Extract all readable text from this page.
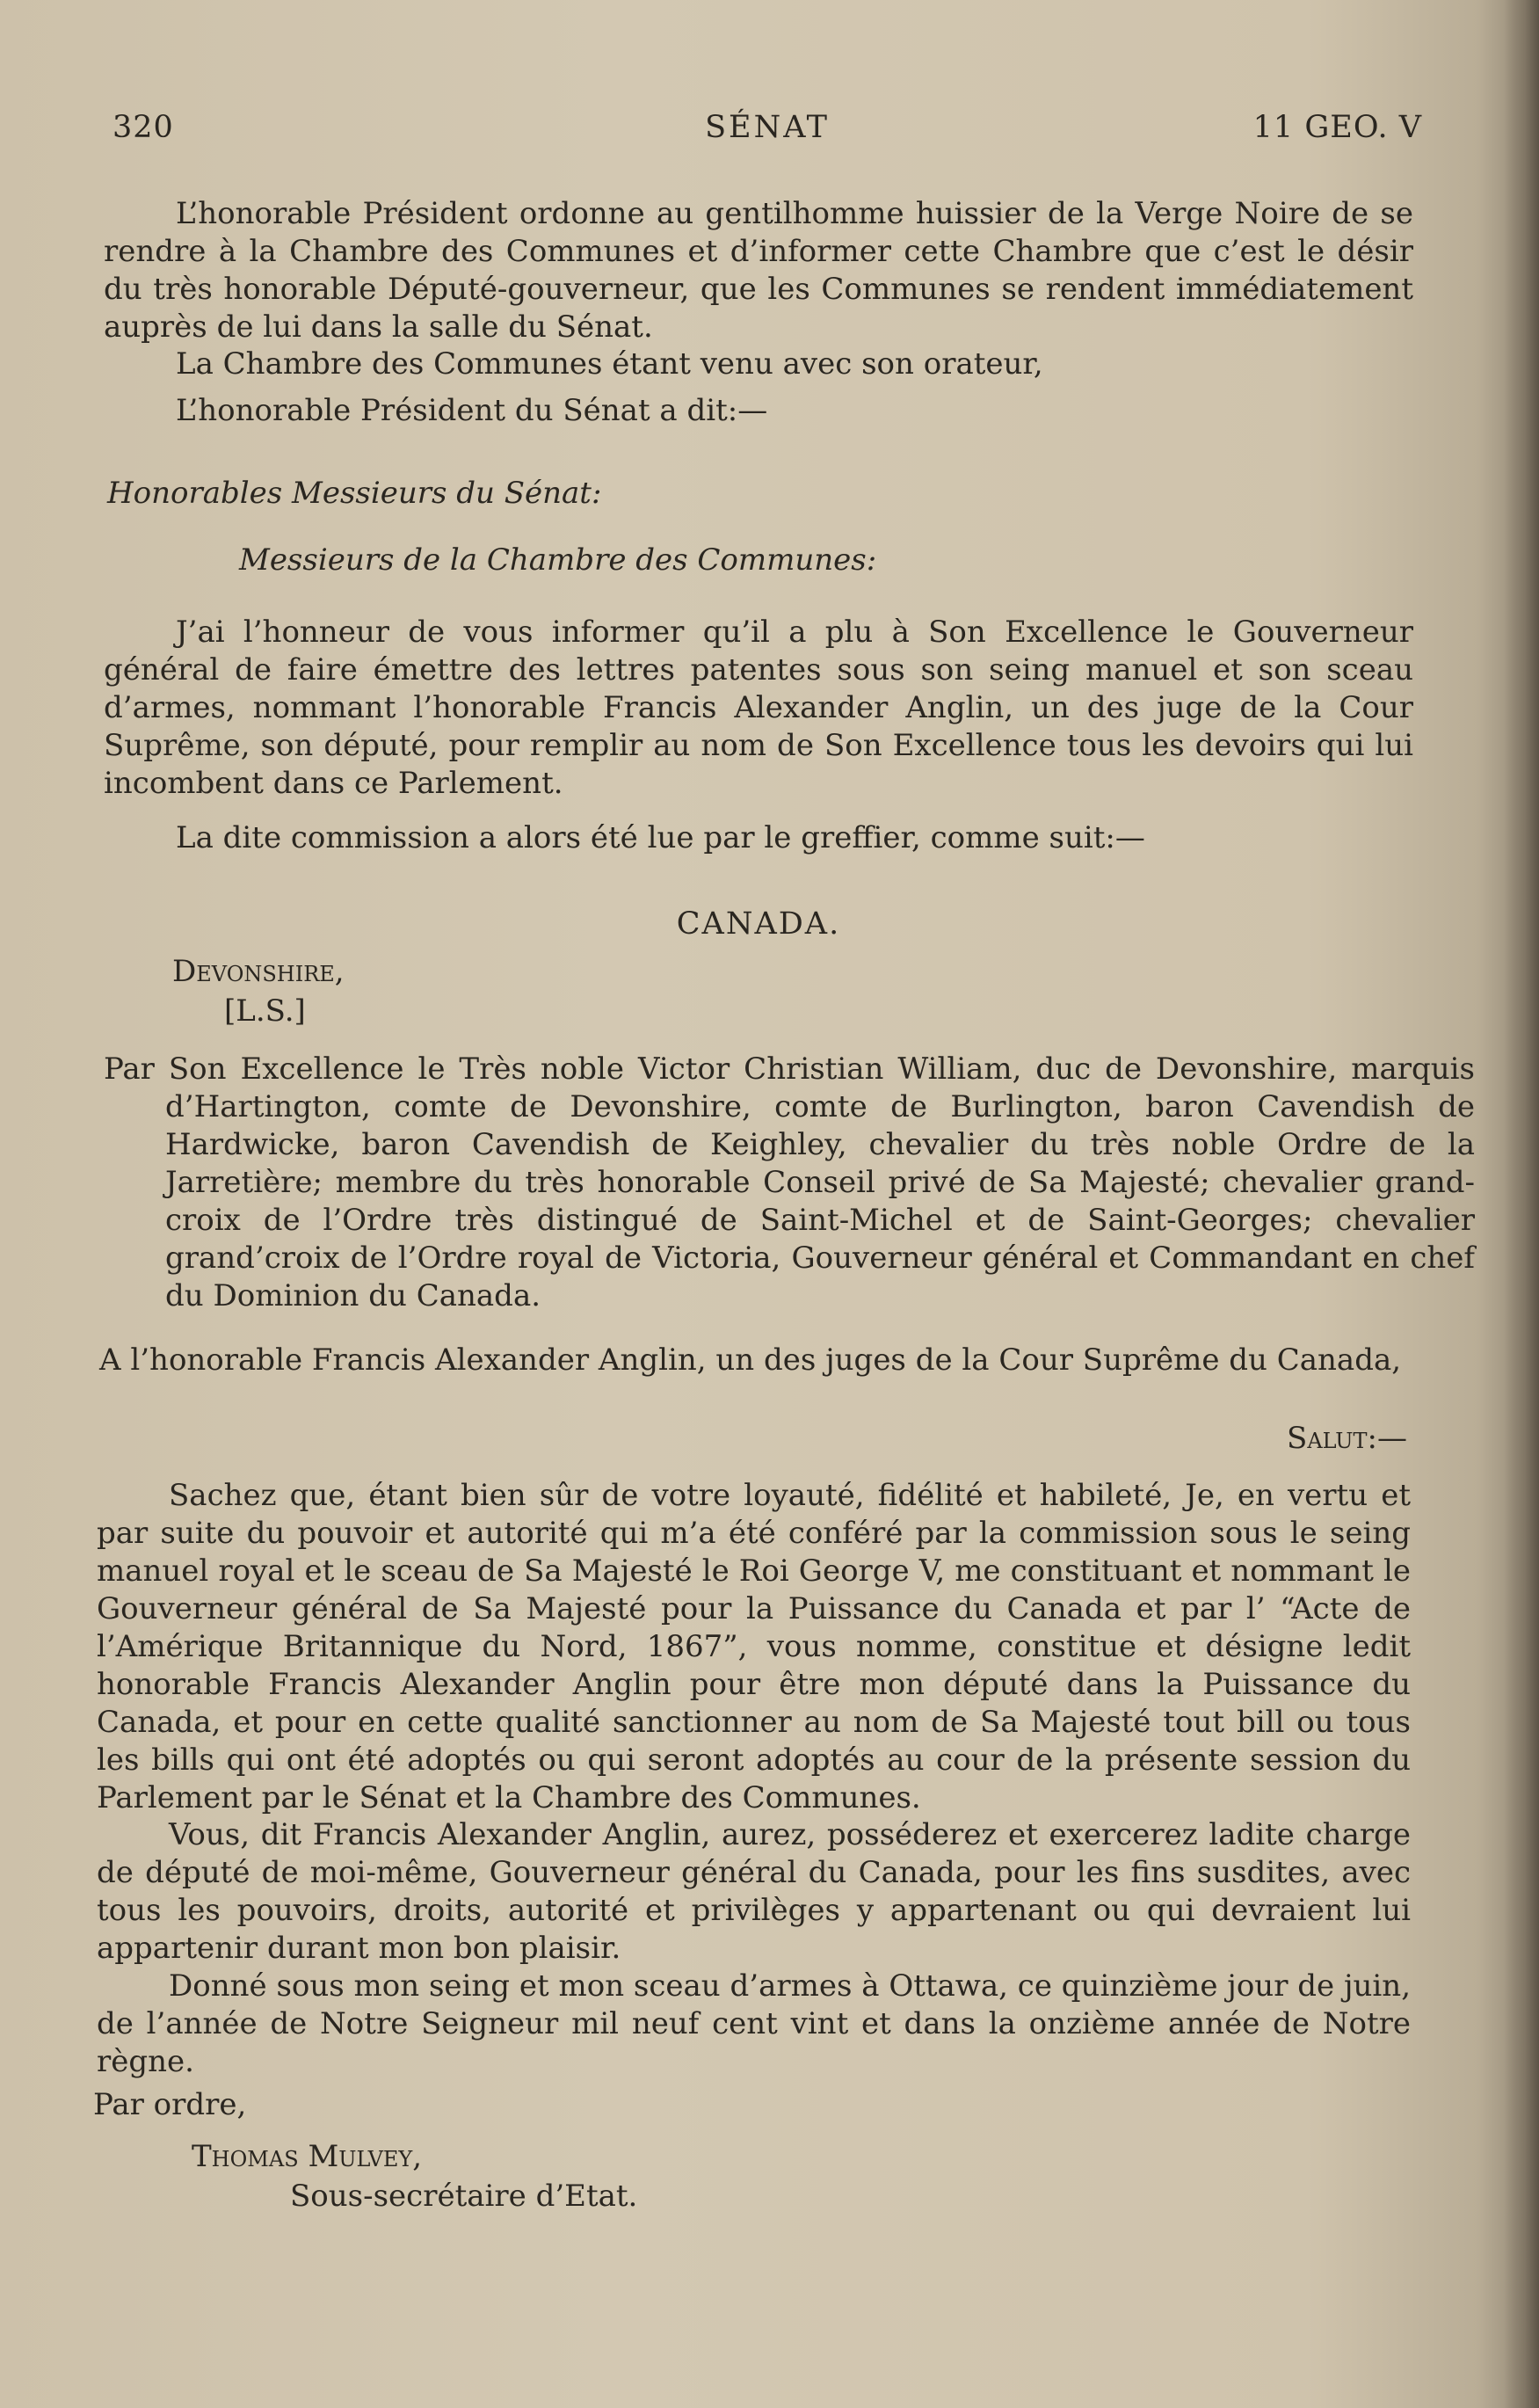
320	SÉNAT	11 GEO. V
L’honorable Président ordonne au gentilhomme huissier de la Verge Noire de se rendre à la Chambre des Communes et d’informer cette Chambre que c’est le désir du très honorable Député-gouverneur, que les Communes se rendent immédiatement auprès de lui dans la salle du Sénat.
La Chambre des Communes étant venu avec son orateur,
L’honorable Président du Sénat a dit:—
Honorables Messieurs du Sénat:
Messieurs de la Chambre des Communes:
J’ai l’honneur de vous informer qu’il a plu à Son Excellence le Gouverneur général de faire émettre des lettres patentes sous son seing manuel et son sceau d’armes, nommant l’honorable Francis Alexander Anglin, un des juge de la Cour Suprême, son député, pour remplir au nom de Son Excellence tous les devoirs qui lui incombent dans ce Parlement.
La dite commission a alors été lue par le greffier, comme suit:—
CANADA.
Devonshire,
[L.S.]
Par Son Excellence le Très noble Victor Christian William, duc de Devonshire, marquis d’Hartington, comte de Devonshire, comte de Burlington, baron Cavendish de Hardwicke, baron Cavendish de Keighley, chevalier du très noble Ordre de la Jarretière; membre du très honorable Conseil privé de Sa Majesté; chevalier grand-croix de l’Ordre très distingué de Saint-Michel et de Saint-Georges; chevalier grand’croix de l’Ordre royal de Victoria, Gouverneur général et Commandant en chef du Dominion du Canada.
A l’honorable Francis Alexander Anglin, un des juges de la Cour Suprême du Canada,
Salut:—
Sachez que, étant bien sûr de votre loyauté, fidélité et habileté, Je, en vertu et par suite du pouvoir et autorité qui m’a été conféré par la commission sous le seing manuel royal et le sceau de Sa Majesté le Roi George V, me constituant et nommant le Gouverneur général de Sa Majesté pour la Puissance du Canada et par l’ “Acte de l’Amérique Britannique du Nord, 1867”, vous nomme, constitue et désigne ledit honorable Francis Alexander Anglin pour être mon député dans la Puissance du Canada, et pour en cette qualité sanctionner au nom de Sa Majesté tout bill ou tous les bills qui ont été adoptés ou qui seront adoptés au cour de la présente session du Parlement par le Sénat et la Chambre des Communes.
Vous, dit Francis Alexander Anglin, aurez, posséderez et exercerez ladite charge de député de moi-même, Gouverneur général du Canada, pour les fins susdites, avec tous les pouvoirs, droits, autorité et privilèges y appartenant ou qui devraient lui appartenir durant mon bon plaisir.
Donné sous mon seing et mon sceau d’armes à Ottawa, ce quinzième jour de juin, de l’année de Notre Seigneur mil neuf cent vint et dans la onzième année de Notre règne.
Par ordre,
Thomas Mulvey,
Sous-secrétaire d’Etat.
